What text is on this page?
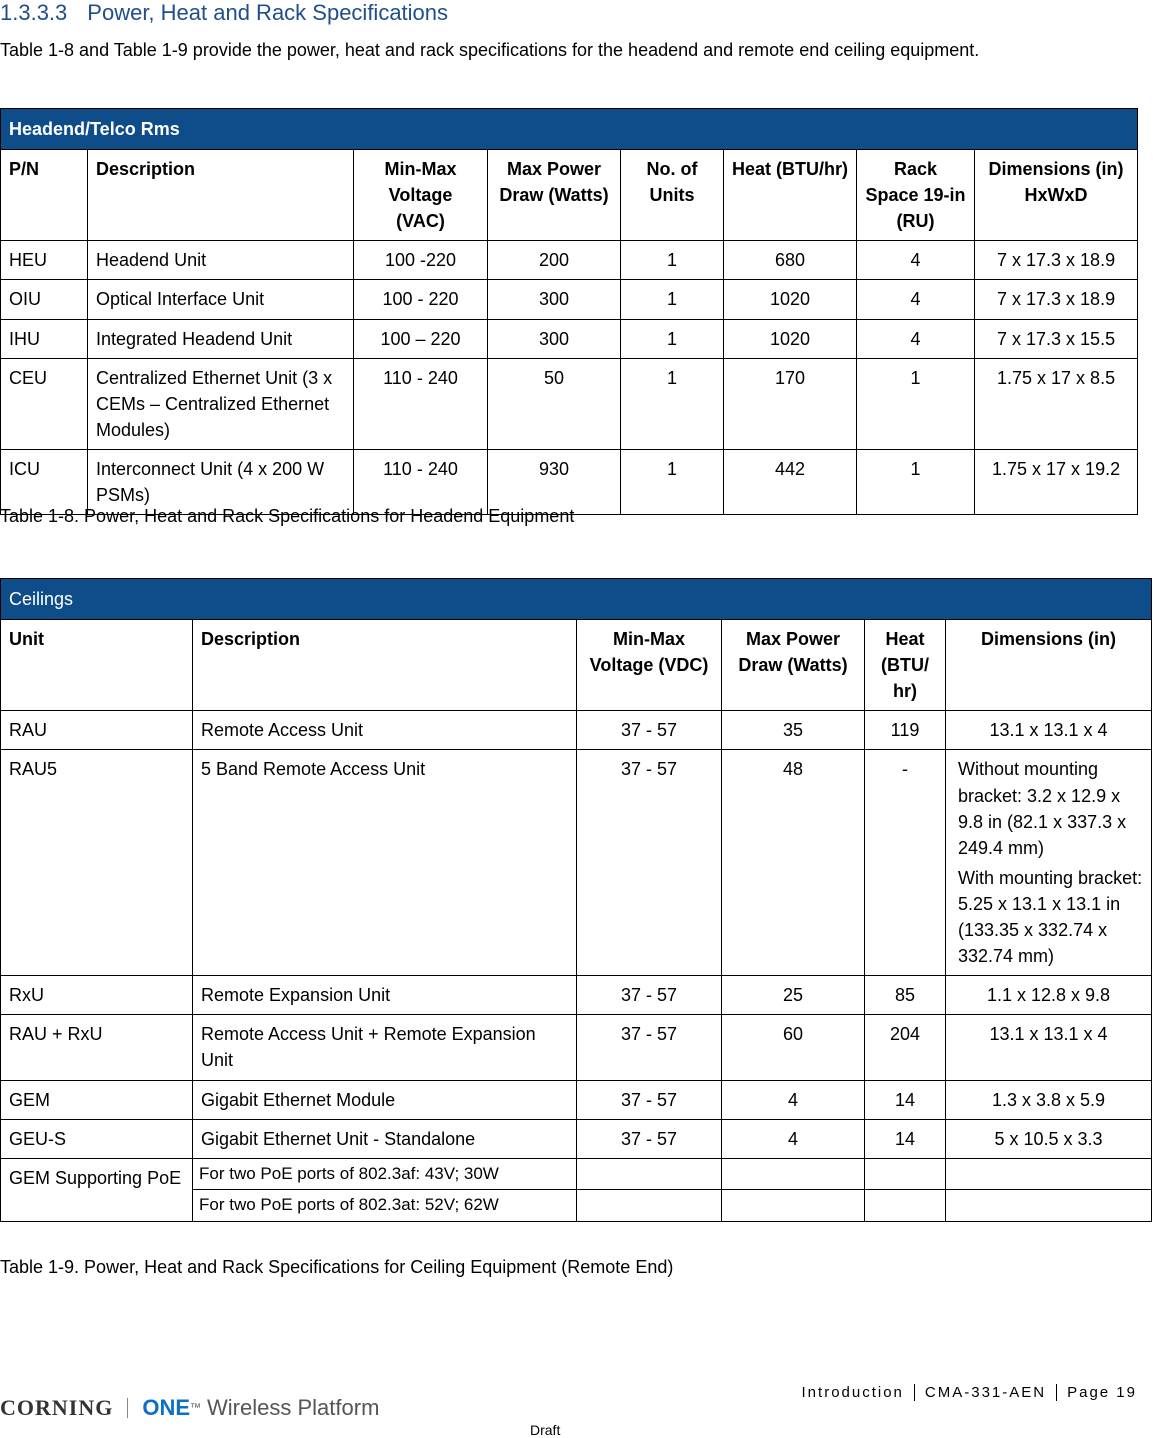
1.3.3.3 Power, Heat and Rack Specifications
Table 1-8 and Table 1-9 provide the power, heat and rack specifications for the headend and remote end ceiling equipment.
Headend/Telco Rms							
P/N	Description	Min-Max Voltage (VAC)	Max Power Draw (Watts)	No. of Units	Heat (BTU/hr)	Rack Space 19-in (RU)	Dimensions (in)
HxWxD

HEU	Headend Unit	100 -220	200	1	680	4	7 x 17.3 x 18.9
OIU	Optical Interface Unit	100 - 220	300	1	1020	4	7 x 17.3 x 18.9
IHU	Integrated Headend Unit	100 – 220	300	1	1020	4	7 x 17.3 x 15.5
CEU	Centralized Ethernet Unit (3 x CEMs – Centralized Ethernet Modules)	110 - 240	50	1	170	1	1.75 x 17 x 8.5
ICU	Interconnect Unit (4 x 200 W PSMs)	110 - 240	930	1	442	1	1.75 x 17 x 19.2
Table 1-8. Power, Heat and Rack Specifications for Headend Equipment
Ceilings					
Unit	Description	Min-Max Voltage (VDC)	Max Power Draw (Watts)	Heat (BTU/ hr)	Dimensions (in)
RAU	Remote Access Unit	37 - 57	35	119	13.1 x 13.1 x 4
RAU5	5 Band Remote Access Unit	37 - 57	48	-	Without mounting bracket: 3.2 x 12.9 x 9.8 in (82.1 x 337.3 x 249.4 mm)
With mounting bracket: 5.25 x 13.1 x 13.1 in (133.35 x 332.74 x 332.74 mm)

RxU	Remote Expansion Unit	37 - 57	25	85	1.1 x 12.8 x 9.8
RAU + RxU	Remote Access Unit + Remote Expansion Unit	37 - 57	60	204	13.1 x 13.1 x 4
GEM	Gigabit Ethernet Module	37 - 57	4	14	1.3 x 3.8 x 5.9
GEU-S	Gigabit Ethernet Unit - Standalone	37 - 57	4	14	5 x 10.5 x 3.3
GEM Supporting PoE	For two PoE ports of 802.3af: 43V; 30W				
	For two PoE ports of 802.3at: 52V; 62W				
Table 1-9. Power, Heat and Rack Specifications for Ceiling Equipment (Remote End)
CORNING ONE ™ Wireless Platform
Introduction	CMA-331-AEN	Page 19
Draft
